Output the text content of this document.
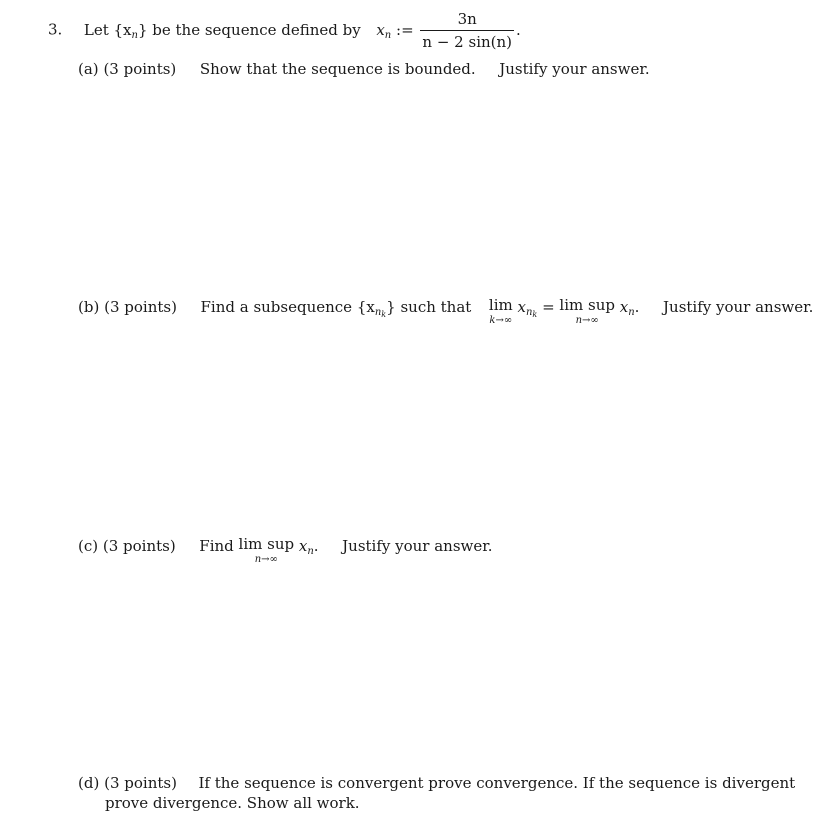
3. Let $\{x_n\}$ be the sequence defined by $x_n$ := $\frac{3n}{n - 2 \sin(n)}$ .
(a) (3 points) Show that the sequence is bounded. Justify your answer.
(b) (3 points) Find a subsequence $\{x_{n_k}\}$ such that lim
k→∞
$x_{n_k} = \lim$ sup
n→∞
$x_n$. Justify your answer.
(c) (3 points) Find lim sup
n→∞
$x_n$. Justify your answer.
(d) (3 points) If the sequence is convergent prove convergence. If the sequence is divergent
prove divergence. Show all work.
